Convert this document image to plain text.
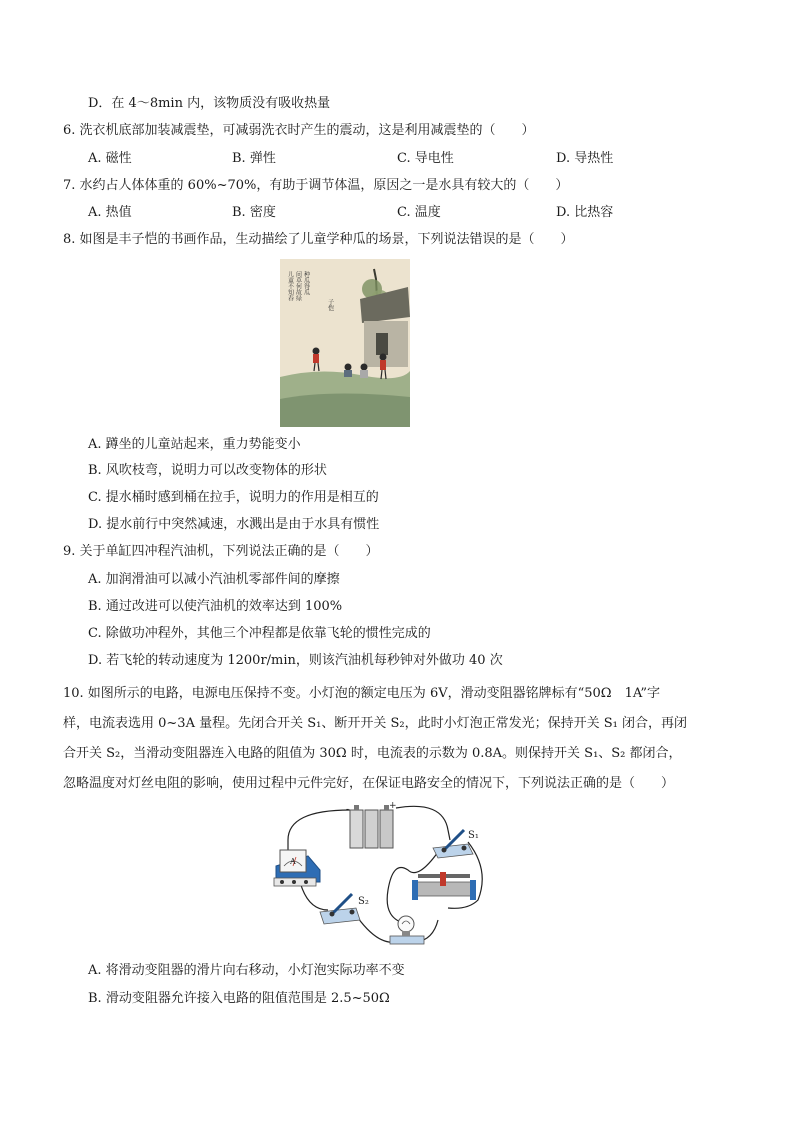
D．在 4～8min 内，该物质没有吸收热量
6. 洗衣机底部加装减震垫，可减弱洗衣时产生的震动，这是利用减震垫的（　　）
A. 磁性	B. 弹性	C. 导电性	D. 导热性
7. 水约占人体体重的 60%~70%，有助于调节体温，原因之一是水具有较大的（　　）
A. 热值	B. 密度	C. 温度	D. 比热容
8. 如图是丰子恺的书画作品，生动描绘了儿童学种瓜的场景，下列说法错误的是（　　）
儿童不知春 问草何故绿 种瓜得瓜
子恺
A. 蹲坐的儿童站起来，重力势能变小
B. 风吹枝弯，说明力可以改变物体的形状
C. 提水桶时感到桶在拉手，说明力的作用是相互的
D. 提水前行中突然减速，水溅出是由于水具有惯性
9. 关于单缸四冲程汽油机，下列说法正确的是（　　）
A. 加润滑油可以减小汽油机零部件间的摩擦
B. 通过改进可以使汽油机的效率达到 100%
C. 除做功冲程外，其他三个冲程都是依靠飞轮的惯性完成的
D. 若飞轮的转动速度为 1200r/min，则该汽油机每秒钟对外做功 40 次
10. 如图所示的电路，电源电压保持不变。小灯泡的额定电压为 6V，滑动变阻器铭牌标有“50Ω　1A”字
样，电流表选用 0~3A 量程。先闭合开关 S₁、断开开关 S₂，此时小灯泡正常发光；保持开关 S₁ 闭合，再闭
合开关 S₂，当滑动变阻器连入电路的阻值为 30Ω 时，电流表的示数为 0.8A。则保持开关 S₁、S₂ 都闭合，
忽略温度对灯丝电阻的影响，使用过程中元件完好，在保证电路安全的情况下，下列说法正确的是（　　）
-	+
A
S₁
S₂
A. 将滑动变阻器的滑片向右移动，小灯泡实际功率不变
B. 滑动变阻器允许接入电路的阻值范围是 2.5~50Ω
